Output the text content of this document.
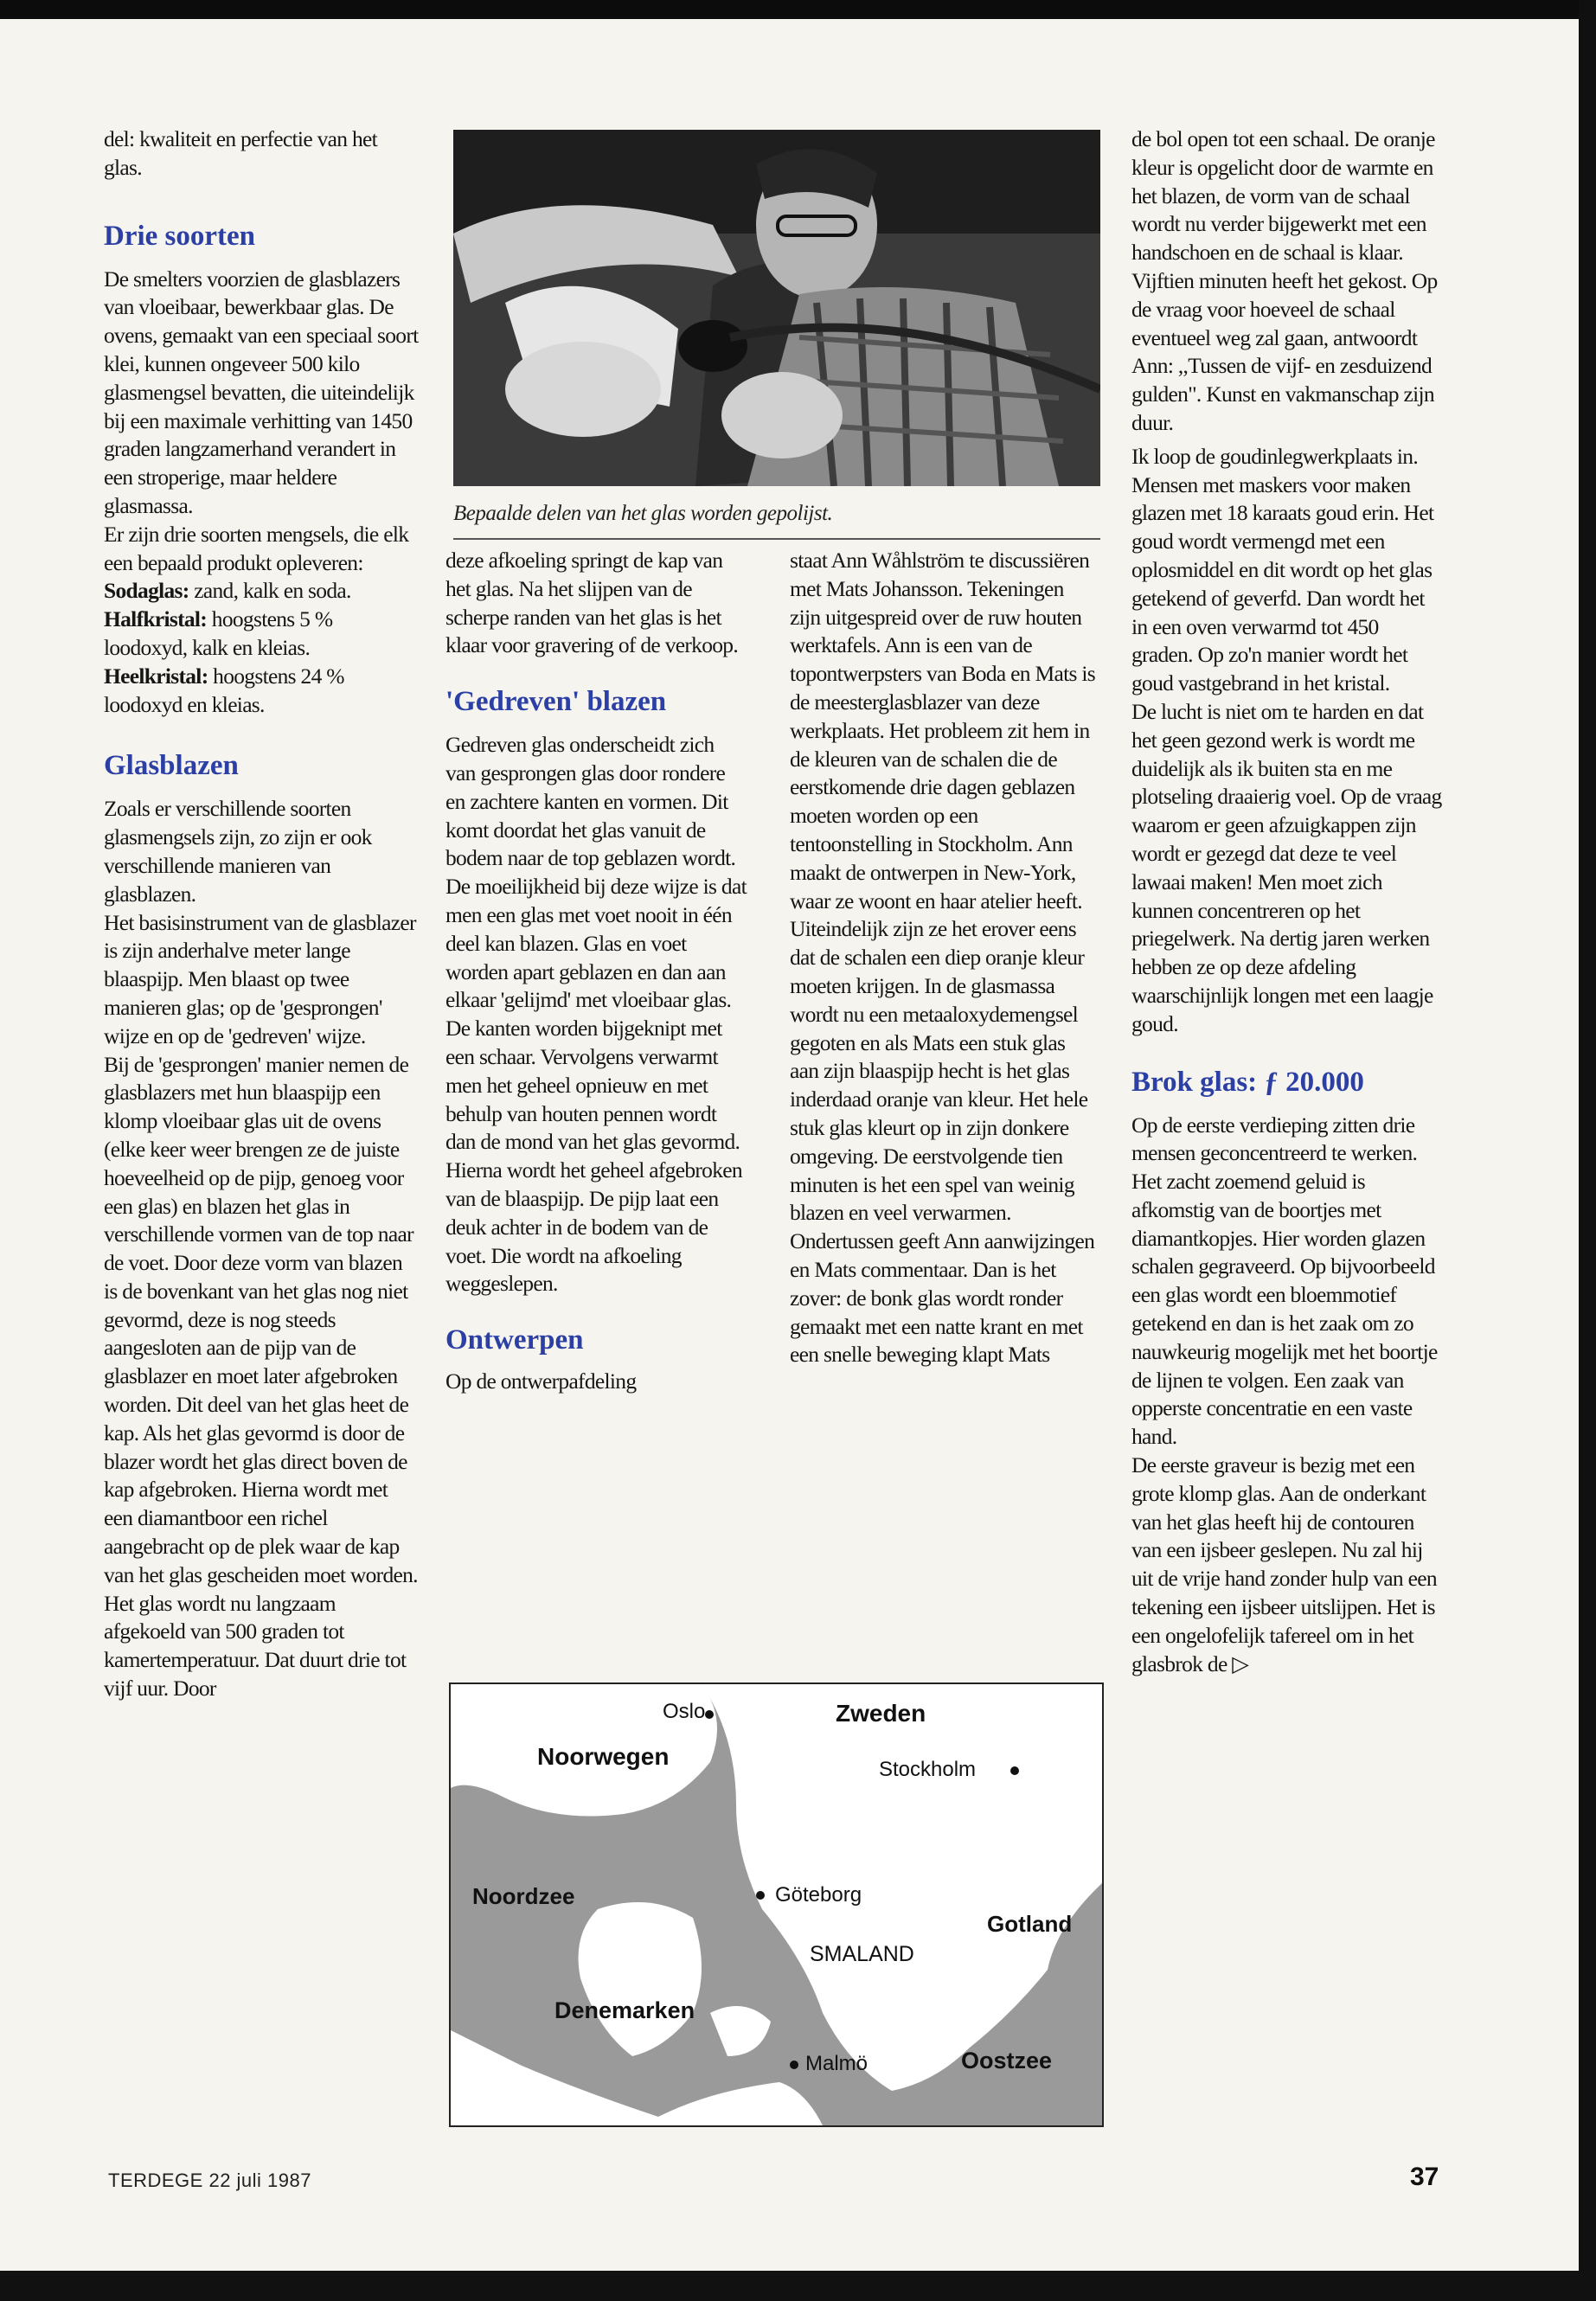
del: kwaliteit en perfectie van het glas.

Drie soorten

De smelters voorzien de glasblazers van vloeibaar, bewerkbaar glas. De ovens, gemaakt van een speciaal soort klei, kunnen ongeveer 500 kilo glasmengsel bevatten, die uiteindelijk bij een maximale verhitting van 1450 graden langzamerhand verandert in een stroperige, maar heldere glasmassa.

Er zijn drie soorten mengsels, die elk een bepaald produkt opleveren:

Sodaglas: zand, kalk en soda.

Halfkristal: hoogstens 5 % loodoxyd, kalk en kleias.

Heelkristal: hoogstens 24 % loodoxyd en kleias.

Glasblazen

Zoals er verschillende soorten glasmengsels zijn, zo zijn er ook verschillende manieren van glasblazen.

Het basisinstrument van de glasblazer is zijn anderhalve meter lange blaaspijp. Men blaast op twee manieren glas; op de 'gesprongen' wijze en op de 'gedreven' wijze.

Bij de 'gesprongen' manier nemen de glasblazers met hun blaaspijp een klomp vloeibaar glas uit de ovens (elke keer weer brengen ze de juiste hoeveelheid op de pijp, genoeg voor een glas) en blazen het glas in verschillende vormen van de top naar de voet. Door deze vorm van blazen is de bovenkant van het glas nog niet gevormd, deze is nog steeds aangesloten aan de pijp van de glasblazer en moet later afgebroken worden. Dit deel van het glas heet de kap. Als het glas gevormd is door de blazer wordt het glas direct boven de kap afgebroken. Hierna wordt met een diamantboor een richel aangebracht op de plek waar de kap van het glas gescheiden moet worden. Het glas wordt nu langzaam afgekoeld van 500 graden tot kamertemperatuur. Dat duurt drie tot vijf uur. Door

Bepaalde delen van het glas worden gepolijst.

deze afkoeling springt de kap van het glas. Na het slijpen van de scherpe randen van het glas is het klaar voor gravering of de verkoop.

'Gedreven' blazen

Gedreven glas onderscheidt zich van gesprongen glas door rondere en zachtere kanten en vormen. Dit komt doordat het glas vanuit de bodem naar de top geblazen wordt. De moeilijkheid bij deze wijze is dat men een glas met voet nooit in één deel kan blazen. Glas en voet worden apart geblazen en dan aan elkaar 'gelijmd' met vloeibaar glas. De kanten worden bijgeknipt met een schaar. Vervolgens verwarmt men het geheel opnieuw en met behulp van houten pennen wordt dan de mond van het glas gevormd. Hierna wordt het geheel afgebroken van de blaaspijp. De pijp laat een deuk achter in de bodem van de voet. Die wordt na afkoeling weggeslepen.

Ontwerpen

Op de ontwerpafdeling

staat Ann Wåhlström te discussiëren met Mats Johansson. Tekeningen zijn uitgespreid over de ruw houten werktafels. Ann is een van de topontwerpsters van Boda en Mats is de meesterglasblazer van deze werkplaats. Het probleem zit hem in de kleuren van de schalen die de eerstkomende drie dagen geblazen moeten worden op een tentoonstelling in Stockholm. Ann maakt de ontwerpen in New-York, waar ze woont en haar atelier heeft.

Uiteindelijk zijn ze het erover eens dat de schalen een diep oranje kleur moeten krijgen. In de glasmassa wordt nu een metaaloxydemengsel gegoten en als Mats een stuk glas aan zijn blaaspijp hecht is het glas inderdaad oranje van kleur. Het hele stuk glas kleurt op in zijn donkere omgeving. De eerstvolgende tien minuten is het een spel van weinig blazen en veel verwarmen. Ondertussen geeft Ann aanwijzingen en Mats commentaar. Dan is het zover: de bonk glas wordt ronder gemaakt met een natte krant en met een snelle beweging klapt Mats

Oslo	Zweden
Noorwegen	Stockholm
Noordzee	Göteborg
Gotland
SMALAND
Denemarken
Malmö	Oostzee

de bol open tot een schaal. De oranje kleur is opgelicht door de warmte en het blazen, de vorm van de schaal wordt nu verder bijgewerkt met een handschoen en de schaal is klaar.

Vijftien minuten heeft het gekost. Op de vraag voor hoeveel de schaal eventueel weg zal gaan, antwoordt Ann: ,,Tussen de vijf- en zesduizend gulden". Kunst en vakmanschap zijn duur.

Ik loop de goudinlegwerkplaats in. Mensen met maskers voor maken glazen met 18 karaats goud erin. Het goud wordt vermengd met een oplosmiddel en dit wordt op het glas getekend of geverfd. Dan wordt het in een oven verwarmd tot 450 graden. Op zo'n manier wordt het goud vastgebrand in het kristal.

De lucht is niet om te harden en dat het geen gezond werk is wordt me duidelijk als ik buiten sta en me plotseling draaierig voel. Op de vraag waarom er geen afzuigkappen zijn wordt er gezegd dat deze te veel lawaai maken! Men moet zich kunnen concentreren op het priegelwerk. Na dertig jaren werken hebben ze op deze afdeling waarschijnlijk longen met een laagje goud.

Brok glas: ƒ 20.000

Op de eerste verdieping zitten drie mensen geconcentreerd te werken. Het zacht zoemend geluid is afkomstig van de boortjes met diamantkopjes. Hier worden glazen schalen gegraveerd. Op bijvoorbeeld een glas wordt een bloemmotief getekend en dan is het zaak om zo nauwkeurig mogelijk met het boortje de lijnen te volgen. Een zaak van opperste concentratie en een vaste hand.

De eerste graveur is bezig met een grote klomp glas. Aan de onderkant van het glas heeft hij de contouren van een ijsbeer geslepen. Nu zal hij uit de vrije hand zonder hulp van een tekening een ijsbeer uitslijpen. Het is een ongelofelijk tafereel om in het glasbrok de ▷

TERDEGE 22 juli 1987	37
